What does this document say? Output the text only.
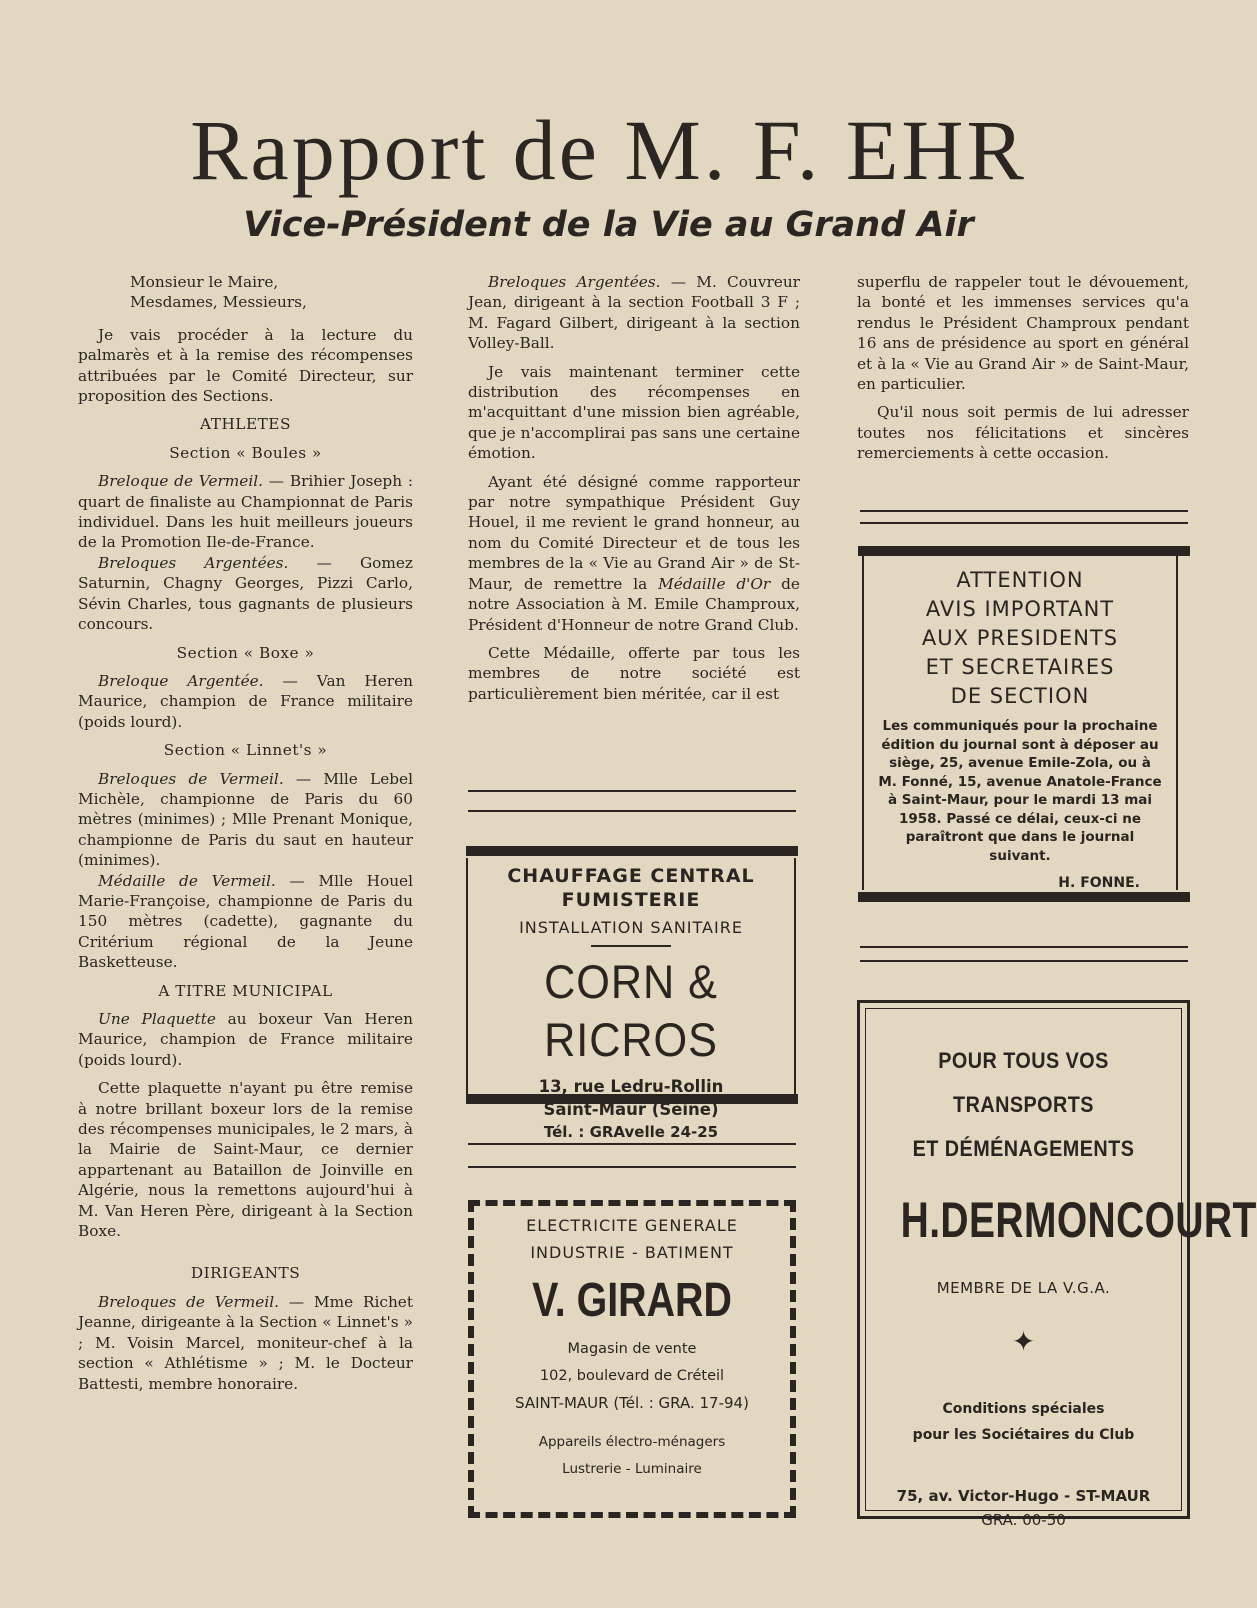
Rapport de M. F. EHR
Vice-Président de la Vie au Grand Air

Monsieur le Maire,

Mesdames, Messieurs,

Je vais procéder à la lecture du palmarès et à la remise des récompenses attribuées par le Comité Directeur, sur proposition des Sections.

ATHLETES

Section « Boules »

Breloque de Vermeil. — Brihier Joseph : quart de finaliste au Championnat de Paris individuel. Dans les huit meilleurs joueurs de la Promotion Ile-de-France.

Breloques Argentées. — Gomez Saturnin, Chagny Georges, Pizzi Carlo, Sévin Charles, tous gagnants de plusieurs concours.

Section « Boxe »

Breloque Argentée. — Van Heren Maurice, champion de France militaire (poids lourd).

Section « Linnet's »

Breloques de Vermeil. — Mlle Lebel Michèle, championne de Paris du 60 mètres (minimes) ; Mlle Prenant Monique, championne de Paris du saut en hauteur (minimes).

Médaille de Vermeil. — Mlle Houel Marie-Françoise, championne de Paris du 150 mètres (cadette), gagnante du Critérium régional de la Jeune Basketteuse.

A TITRE MUNICIPAL

Une Plaquette au boxeur Van Heren Maurice, champion de France militaire (poids lourd).

Cette plaquette n'ayant pu être remise à notre brillant boxeur lors de la remise des récompenses municipales, le 2 mars, à la Mairie de Saint-Maur, ce dernier appartenant au Bataillon de Joinville en Algérie, nous la remettons aujourd'hui à M. Van Heren Père, dirigeant à la Section Boxe.

DIRIGEANTS

Breloques de Vermeil. — Mme Richet Jeanne, dirigeante à la Section « Linnet's » ; M. Voisin Marcel, moniteur-chef à la section « Athlétisme » ; M. le Docteur Battesti, membre honoraire.

Breloques Argentées. — M. Couvreur Jean, dirigeant à la section Football 3 F ; M. Fagard Gilbert, dirigeant à la section Volley-Ball.

Je vais maintenant terminer cette distribution des récompenses en m'acquittant d'une mission bien agréable, que je n'accomplirai pas sans une certaine émotion.

Ayant été désigné comme rapporteur par notre sympathique Président Guy Houel, il me revient le grand honneur, au nom du Comité Directeur et de tous les membres de la « Vie au Grand Air » de St-Maur, de remettre la Médaille d'Or de notre Association à M. Emile Champroux, Président d'Honneur de notre Grand Club.

Cette Médaille, offerte par tous les membres de notre société est particulièrement bien méritée, car il est

superflu de rappeler tout le dévouement, la bonté et les immenses services qu'a rendus le Président Champroux pendant 16 ans de présidence au sport en général et à la « Vie au Grand Air » de Saint-Maur, en particulier.

Qu'il nous soit permis de lui adresser toutes nos félicitations et sincères remerciements à cette occasion.

ATTENTION
AVIS IMPORTANT
AUX PRESIDENTS
ET SECRETAIRES
DE SECTION
Les communiqués pour la prochaine édition du journal sont à déposer au siège, 25, avenue Emile-Zola, ou à M. Fonné, 15, avenue Anatole-France à Saint-Maur, pour le mardi 13 mai 1958. Passé ce délai, ceux-ci ne paraîtront que dans le journal suivant.
H. FONNE.
CHAUFFAGE CENTRAL
FUMISTERIE
INSTALLATION SANITAIRE
CORN & RICROS
13, rue Ledru-Rollin
Saint-Maur (Seine)
Tél. : GRAvelle 24-25
ELECTRICITE GENERALE
INDUSTRIE - BATIMENT
V. GIRARD
Magasin de vente
102, boulevard de Créteil
SAINT-MAUR (Tél. : GRA. 17-94)
Appareils électro-ménagers
Lustrerie - Luminaire
POUR TOUS VOS TRANSPORTS
ET DÉMÉNAGEMENTS
H.DERMONCOURT
MEMBRE DE LA V.G.A.
✦
Conditions spéciales
pour les Sociétaires du Club
75, av. Victor-Hugo - ST-MAUR
GRA. 00-50
